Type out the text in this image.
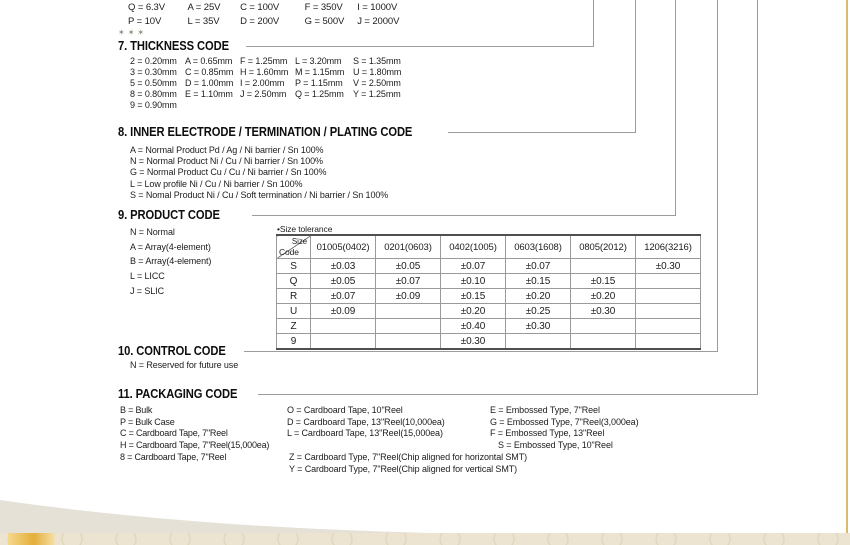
Q = 6.3V A = 25V C = 100V	F = 350V I = 1000V
P = 10V	L = 35V D = 200V	G = 500V J = 2000V
✶✶✶
7. THICKNESS CODE
2 = 0.20mm A = 0.65mm F = 1.25mm L = 3.20mm S = 1.35mm
3 = 0.30mm C = 0.85mm H = 1.60mm M = 1.15mm U = 1.80mm
5 = 0.50mm D = 1.00mm I = 2.00mm P = 1.15mm V = 2.50mm
8 = 0.80mm E = 1.10mm J = 2.50mm Q = 1.25mm Y = 1.25mm
9 = 0.90mm
8. INNER ELECTRODE / TERMINATION / PLATING CODE
A = Normal Product Pd / Ag / Ni barrier / Sn 100%
N = Normal Product Ni / Cu / Ni barrier / Sn 100%
G = Normal Product Cu / Cu / Ni barrier / Sn 100%
L = Low profile Ni / Cu / Ni barrier / Sn 100%
S = Nomal Product Ni / Cu / Soft termination / Ni barrier / Sn 100%
9. PRODUCT CODE
N = Normal
A = Array(4-element)
B = Array(4-element)
L = LICC
J = SLIC
•Size tolerance
Size
Code	01005(0402)	0201(0603)	0402(1005)	0603(1608)	0805(2012)	1206(3216)
S	±0.03	±0.05	±0.07	±0.07		±0.30
Q	±0.05	±0.07	±0.10	±0.15	±0.15	
R	±0.07	±0.09	±0.15	±0.20	±0.20	
U	±0.09		±0.20	±0.25	±0.30	
Z			±0.40	±0.30		
9			±0.30			
10. CONTROL CODE
N = Reserved for future use
11. PACKAGING CODE
B = Bulk
P = Bulk Case
C = Cardboard Tape, 7"Reel
H = Cardboard Tape, 7"Reel(15,000ea)
8 = Cardboard Tape, 7"Reel
O = Cardboard Tape, 10"Reel
D = Cardboard Tape, 13"Reel(10,000ea)
L = Cardboard Tape, 13"Reel(15,000ea)
E = Embossed Type, 7"Reel
G = Embossed Type, 7"Reel(3,000ea)
F = Embossed Type, 13"Reel
S = Embossed Type, 10"Reel
Z = Cardboard Type, 7"Reel(Chip aligned for horizontal SMT)
Y = Cardboard Type, 7"Reel(Chip aligned for vertical SMT)
